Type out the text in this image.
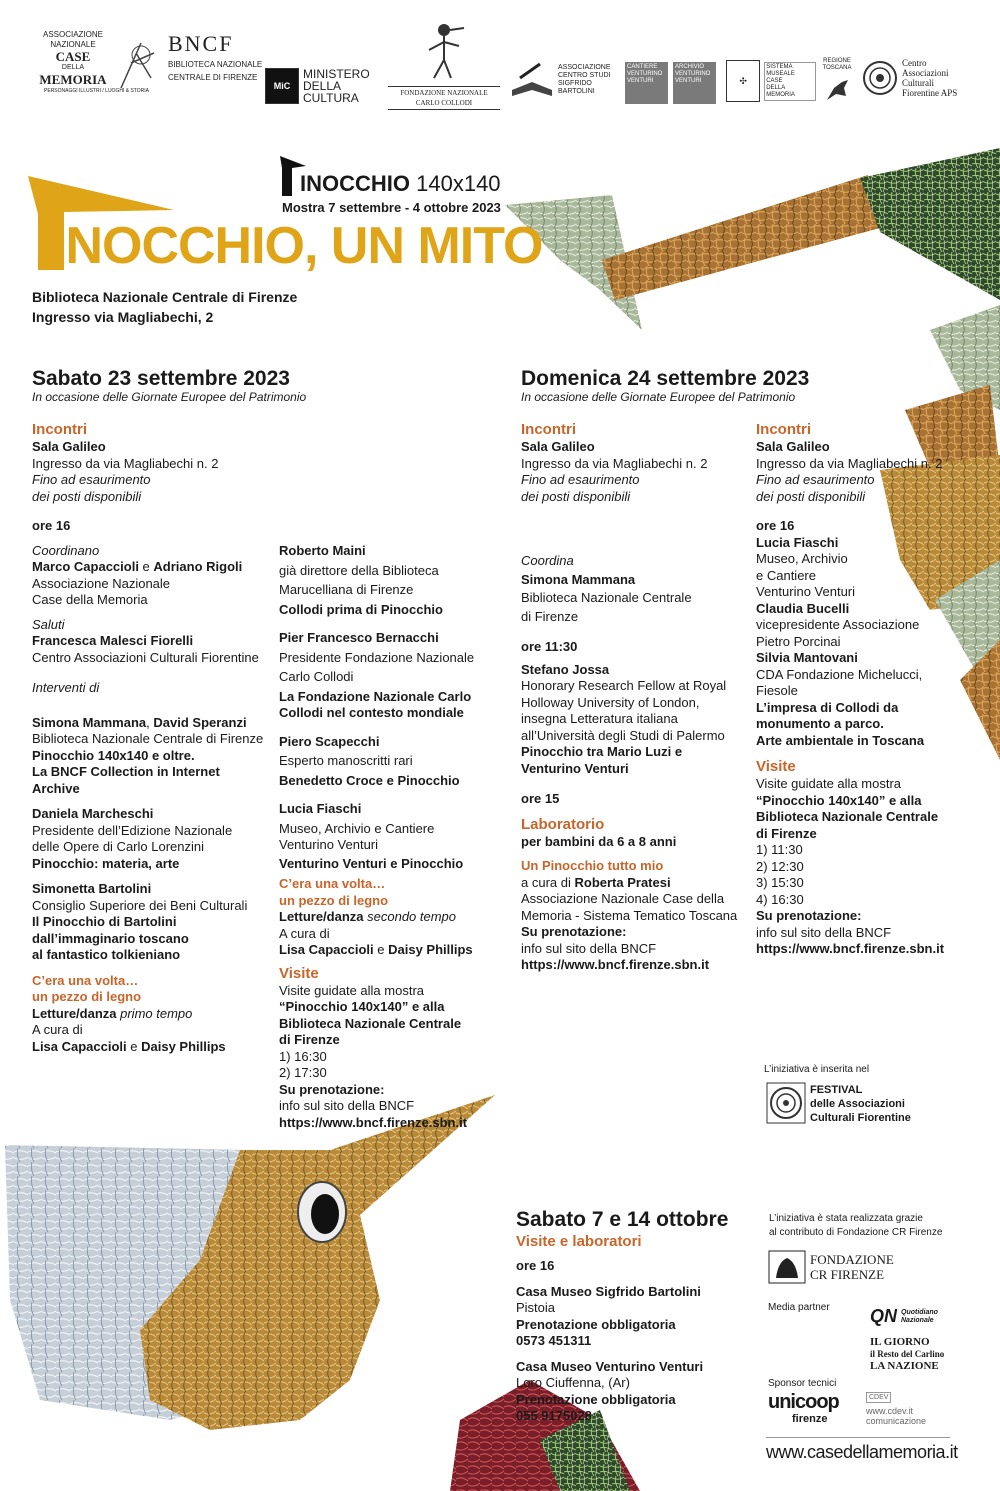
ASSOCIAZIONE
NAZIONALE
CASE
DELLA
MEMORIA
PERSONAGGI ILLUSTRI / LUOGHI & STORIA
BNCF
BIBLIOTECA NAZIONALE
CENTRALE DI FIRENZE
MiC
MINISTERO
DELLA
CULTURA	FONDAZIONE NAZIONALE CARLO COLLODI
ASSOCIAZIONE
CENTRO STUDI
SIGFRIDO
BARTOLINI
CANTIERE VENTURINO VENTURI
ARCHIVIO VENTURINO VENTURI	✣
SISTEMA MUSEALE
CASE
DELLA
MEMORIA
REGIONE
TOSCANA	Centro
Associazioni
Culturali
Fiorentine APS
INOCCHIO 140x140
Mostra 7 settembre - 4 ottobre 2023
INOCCHIO, UN MITO
Biblioteca Nazionale Centrale di Firenze
Ingresso via Magliabechi, 2
Sabato 23 settembre 2023
In occasione delle Giornate Europee del Patrimonio
Incontri

Sala Galileo

Ingresso da via Magliabechi n. 2

Fino ad esaurimento

dei posti disponibili

ore 16

Coordinano

Marco Capaccioli e Adriano Rigoli

Associazione Nazionale

Case della Memoria

Saluti

Francesca Malesci Fiorelli

Centro Associazioni Culturali Fiorentine

Interventi di

Simona Mammana, David Speranzi

Biblioteca Nazionale Centrale di Firenze

Pinocchio 140x140 e oltre.

La BNCF Collection in Internet

Archive

Daniela Marcheschi

Presidente dell’Edizione Nazionale

delle Opere di Carlo Lorenzini

Pinocchio: materia, arte

Simonetta Bartolini

Consiglio Superiore dei Beni Culturali

Il Pinocchio di Bartolini

dall’immaginario toscano

al fantastico tolkieniano

C’era una volta…

un pezzo di legno

Letture/danza primo tempo

A cura di

Lisa Capaccioli e Daisy Phillips

Roberto Maini

già direttore della Biblioteca

Marucelliana di Firenze

Collodi prima di Pinocchio

Pier Francesco Bernacchi

Presidente Fondazione Nazionale

Carlo Collodi

La Fondazione Nazionale Carlo

Collodi nel contesto mondiale

Piero Scapecchi

Esperto manoscritti rari

Benedetto Croce e Pinocchio

Lucia Fiaschi

Museo, Archivio e Cantiere

Venturino Venturi

Venturino Venturi e Pinocchio

C’era una volta…

un pezzo di legno

Letture/danza secondo tempo

A cura di

Lisa Capaccioli e Daisy Phillips

Visite

Visite guidate alla mostra

“Pinocchio 140x140” e alla

Biblioteca Nazionale Centrale

di Firenze

1) 16:30

2) 17:30

Su prenotazione:

info sul sito della BNCF

https://www.bncf.firenze.sbn.it

Domenica 24 settembre 2023
In occasione delle Giornate Europee del Patrimonio
Incontri

Sala Galileo

Ingresso da via Magliabechi n. 2

Fino ad esaurimento

dei posti disponibili

Coordina

Simona Mammana

Biblioteca Nazionale Centrale

di Firenze

ore 11:30

Stefano Jossa

Honorary Research Fellow at Royal

Holloway University of London,

insegna Letteratura italiana

all’Università degli Studi di Palermo

Pinocchio tra Mario Luzi e

Venturino Venturi

ore 15

Laboratorio

per bambini da 6 a 8 anni

Un Pinocchio tutto mio

a cura di Roberta Pratesi

Associazione Nazionale Case della

Memoria - Sistema Tematico Toscana

Su prenotazione:

info sul sito della BNCF

https://www.bncf.firenze.sbn.it

Incontri

Sala Galileo

Ingresso da via Magliabechi n. 2

Fino ad esaurimento

dei posti disponibili

ore 16

Lucia Fiaschi

Museo, Archivio

e Cantiere

Venturino Venturi

Claudia Bucelli

vicepresidente Associazione

Pietro Porcinai

Silvia Mantovani

CDA Fondazione Michelucci,

Fiesole

L’impresa di Collodi da

monumento a parco.

Arte ambientale in Toscana

Visite

Visite guidate alla mostra

“Pinocchio 140x140” e alla

Biblioteca Nazionale Centrale

di Firenze

1) 11:30

2) 12:30

3) 15:30

4) 16:30

Su prenotazione:

info sul sito della BNCF

https://www.bncf.firenze.sbn.it

L’iniziativa è inserita nel
FESTIVAL
delle Associazioni
Culturali Fiorentine
Sabato 7 e 14 ottobre
Visite e laboratori

ore 16

Casa Museo Sigfrido Bartolini

Pistoia

Prenotazione obbligatoria

0573 451311

Casa Museo Venturino Venturi

Loro Ciuffenna, (Ar)

Prenotazione obbligatoria

055 9175028

L’iniziativa è stata realizzata grazie
al contributo di Fondazione CR Firenze
FONDAZIONE
CR FIRENZE
Media partner QN Quotidiano
Nazionale
IL GIORNO
il Resto del Carlino
LA NAZIONE
Sponsor tecnici
unicoop
firenze
CDEV
www.cdev.it
comunicazione
www.casedellamemoria.it
